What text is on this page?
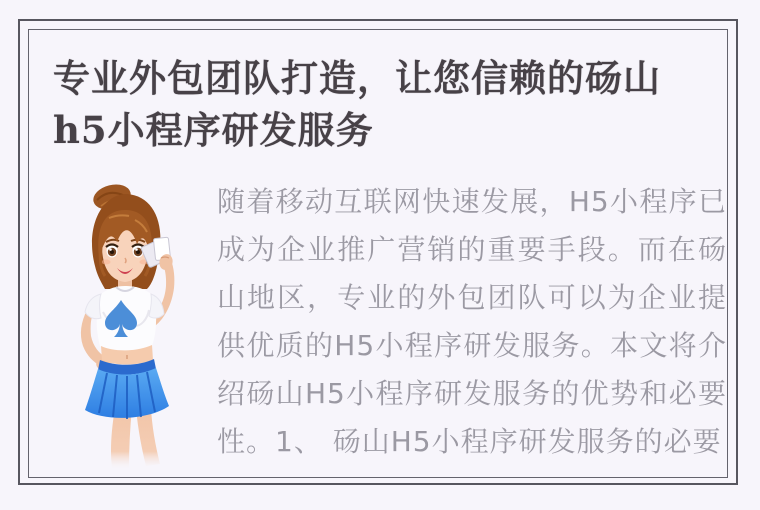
专业外包团队打造，让您信赖的砀山h5小程序研发服务

随着移动互联网快速发展，H5小程序已成为企业推广营销的重要手段。而在砀山地区，专业的外包团队可以为企业提供优质的H5小程序研发服务。本文将介绍砀山H5小程序研发服务的优势和必要性。1、 砀山H5小程序研发服务的必要
